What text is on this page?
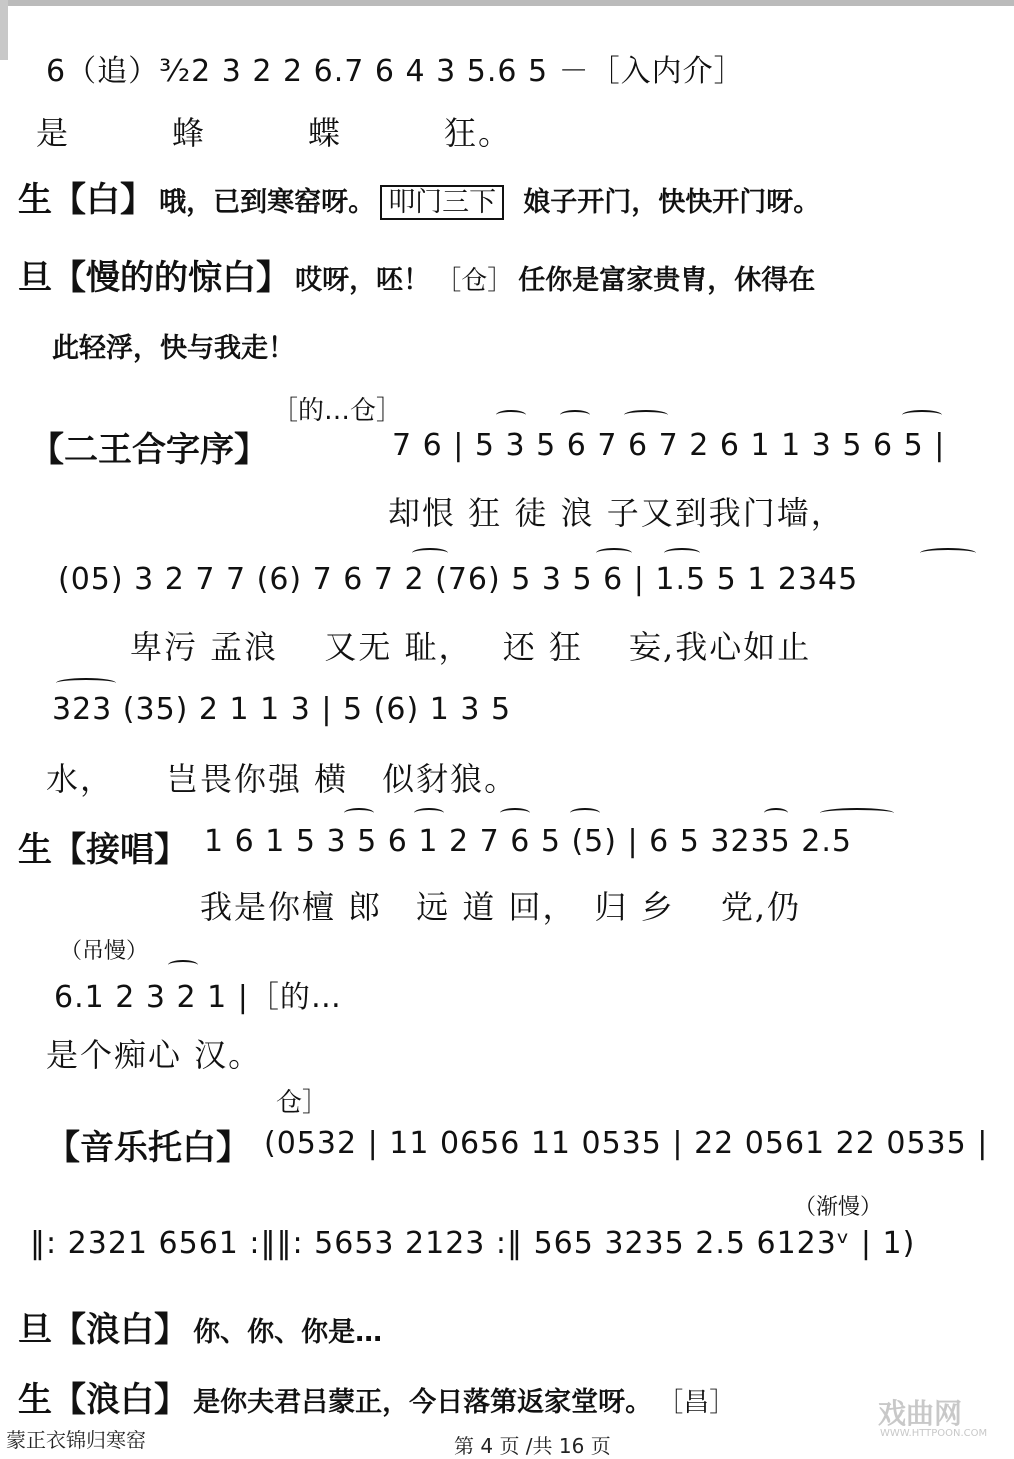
6（追）³⁄₂2 3 2 2 6.7 6 4 3 5.6 5 －［入内介］
是　　　蜂　　　蝶　　　狂。
生【白】 哦，已到寒窑呀。 叩门三下 娘子开门，快快开门呀。
旦【慢的的惊白】 哎呀，呸！ ［仓］ 任你是富家贵胄，休得在
此轻浮，快与我走！
［的…仓］
【二王合字序】	7 6 | 5 3 5 6 7 6 7 2 6 1 1 3 5 6 5 |
却恨 狂 徒 浪 子又到我门墙，
(05) 3 2 7 7 (6) 7 6 7 2 (76) 5 3 5 6 | 1.5 5 1 2345
卑污 孟浪　 又无 耻，　 还 狂　 妄,我心如止
323 (35) 2 1 1 3 | 5 (6) 1 3 5
水，　　岂畏你强 横　似豺狼。
生【接唱】 1 6 1 5 3 5 6 1 2 7 6 5 (5) | 6 5 3235 2.5
我是你檀 郎　远 道 回，　归 乡　 党,仍
（吊慢）
6.1 2 3 2 1 |［的…
是个痴心 汉。
仓］
【音乐托白】 (0532 | 11 0656 11 0535 | 22 0561 22 0535 |
（渐慢）
‖: 2321 6561 :‖‖: 5653 2123 :‖ 565 3235 2.5 6123ᵛ | 1)
旦【浪白】 你、你、你是…
生【浪白】 是你夫君吕蒙正，今日落第返家堂呀。 ［昌］
蒙正衣锦归寒窑	第 4 页 /共 16 页
戏曲网
WWW.HTTPOON.COM
